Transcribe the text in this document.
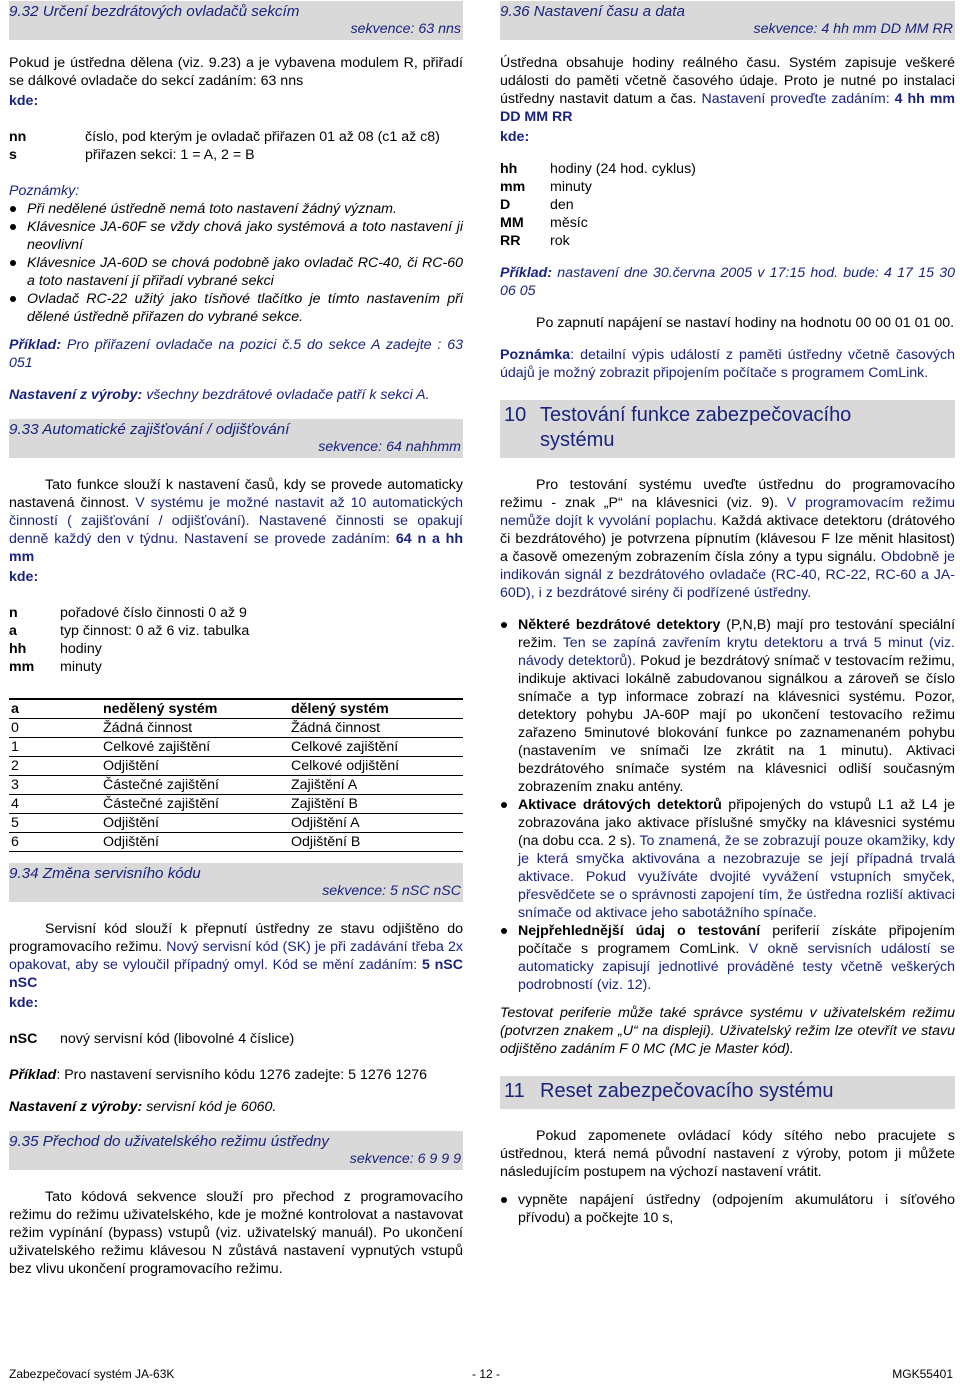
9.32 Určení bezdrátových ovladačů sekcím
sekvence: 63 nns

Pokud je ústředna dělena (viz. 9.23) a je vybavena modulem R, přiřadí se dálkové ovladače do sekcí zadáním: 63 nns

kde:
nn	číslo, pod kterým je ovladač přiřazen 01 až 08 (c1 až c8)
s	přiřazen sekci: 1 = A, 2 = B
Poznámky:
Při nedělené ústředně nemá toto nastavení žádný význam.
Klávesnice JA-60F se vždy chová jako systémová a toto nastavení ji neovlivní
Klávesnice JA-60D se chová podobně jako ovladač RC-40, či RC-60 a toto nastavení jí přiřadí vybrané sekci
Ovladač RC-22 užitý jako tísňové tlačítko je tímto nastavením při dělené ústředně přiřazen do vybrané sekce.

Příklad: Pro přiřazení ovladače na pozici č.5 do sekce A zadejte : 63 051

Nastavení z výroby: všechny bezdrátové ovladače patří k sekci A.

9.33 Automatické zajišťování / odjišťování
sekvence: 64 nahhmm

Tato funkce slouží k nastavení časů, kdy se provede automaticky nastavená činnost. V systému je možné nastavit až 10 automatických činností ( zajišťování / odjišťování). Nastavené činnosti se opakují denně každý den v týdnu. Nastavení se provede zadáním: 64 n a hh mm

kde:
n	pořadové číslo činnosti 0 až 9
a	typ činnost: 0 až 6 viz. tabulka
hh	hodiny
mm	minuty
a	nedělený systém	dělený systém
0	Žádná činnost	Žádná činnost
1	Celkové zajištění	Celkové zajištění
2	Odjištění	Celkové odjištění
3	Částečné zajištění	Zajištění A
4	Částečné zajištění	Zajištění B
5	Odjištění	Odjištění A
6	Odjištění	Odjištění B
9.34 Změna servisního kódu
sekvence: 5 nSC nSC

Servisní kód slouží k přepnutí ústředny ze stavu odjištěno do programovacího režimu. Nový servisní kód (SK) je při zadávání třeba 2x opakovat, aby se vyloučil případný omyl. Kód se mění zadáním: 5 nSC nSC

kde:
nSC	nový servisní kód (libovolné 4 číslice)

Příklad: Pro nastavení servisního kódu 1276 zadejte: 5 1276 1276

Nastavení z výroby: servisní kód je 6060.

9.35 Přechod do uživatelského režimu ústředny
sekvence: 6 9 9 9

Tato kódová sekvence slouží pro přechod z programovacího režimu do režimu uživatelského, kde je možné kontrolovat a nastavovat režim vypínání (bypass) vstupů (viz. uživatelský manuál). Po ukončení uživatelského režimu klávesou N zůstává nastavení vypnutých vstupů bez vlivu ukončení programovacího režimu.

9.36 Nastavení času a data
sekvence: 4 hh mm DD MM RR

Ústředna obsahuje hodiny reálného času. Systém zapisuje veškeré události do paměti včetně časového údaje. Proto je nutné po instalaci ústředny nastavit datum a čas. Nastavení proveďte zadáním: 4 hh mm DD MM RR

kde:
hh	hodiny (24 hod. cyklus)
mm	minuty
D	den
MM	měsíc
RR	rok

Příklad: nastavení dne 30.června 2005 v 17:15 hod. bude: 4 17 15 30 06 05

Po zapnutí napájení se nastaví hodiny na hodnotu 00 00 01 01 00.

Poznámka: detailní výpis událostí z paměti ústředny včetně časových údajů je možný zobrazit připojením počítače s programem ComLink.

10 Testování funkce zabezpečovacího systému

Pro testování systému uveďte ústřednu do programovacího režimu - znak „P“ na klávesnici (viz. 9). V programovacím režimu nemůže dojít k vyvolání poplachu. Každá aktivace detektoru (drátového či bezdrátového) je potvrzena pípnutím (klávesou F lze měnit hlasitost) a časově omezeným zobrazením čísla zóny a typu signálu. Obdobně je indikován signál z bezdrátového ovladače (RC-40, RC-22, RC-60 a JA-60D), i z bezdrátové sirény či podřízené ústředny.

Některé bezdrátové detektory (P,N,B) mají pro testování speciální režim. Ten se zapíná zavřením krytu detektoru a trvá 5 minut (viz. návody detektorů). Pokud je bezdrátový snímač v testovacím režimu, indikuje aktivaci lokálně zabudovanou signálkou a zároveň se číslo snímače a typ informace zobrazí na klávesnici systému. Pozor, detektory pohybu JA-60P mají po ukončení testovacího režimu zařazeno 5minutové blokování funkce po zaznamenaném pohybu (nastavením ve snímači lze zkrátit na 1 minutu). Aktivaci bezdrátového snímače systém na klávesnici odliší současným zobrazením znaku antény.
Aktivace drátových detektorů připojených do vstupů L1 až L4 je zobrazována jako aktivace příslušné smyčky na klávesnici systému (na dobu cca. 2 s). To znamená, že se zobrazují pouze okamžiky, kdy je která smyčka aktivována a nezobrazuje se její případná trvalá aktivace. Pokud využíváte dvojité vyvážení vstupních smyček, přesvědčete se o správnosti zapojení tím, že ústředna rozliší aktivaci snímače od aktivace jeho sabotážního spínače.
Nejpřehlednější údaj o testování periferií získáte připojením počítače s programem ComLink. V okně servisních událostí se automaticky zapisují jednotlivé prováděné testy včetně veškerých podrobností (viz. 12).

Testovat periferie může také správce systému v uživatelském režimu (potvrzen znakem „U“ na displeji). Uživatelský režim lze otevřít ve stavu odjištěno zadáním F 0 MC (MC je Master kód).

11 Reset zabezpečovacího systému

Pokud zapomenete ovládací kódy sítého nebo pracujete s ústřednou, která nemá původní nastavení z výroby, potom ji můžete následujícím postupem na výchozí nastavení vrátit.

vypněte napájení ústředny (odpojením akumulátoru i síťového přívodu) a počkejte 10 s,
Zabezpečovací systém JA-63K	- 12 -	MGK55401
